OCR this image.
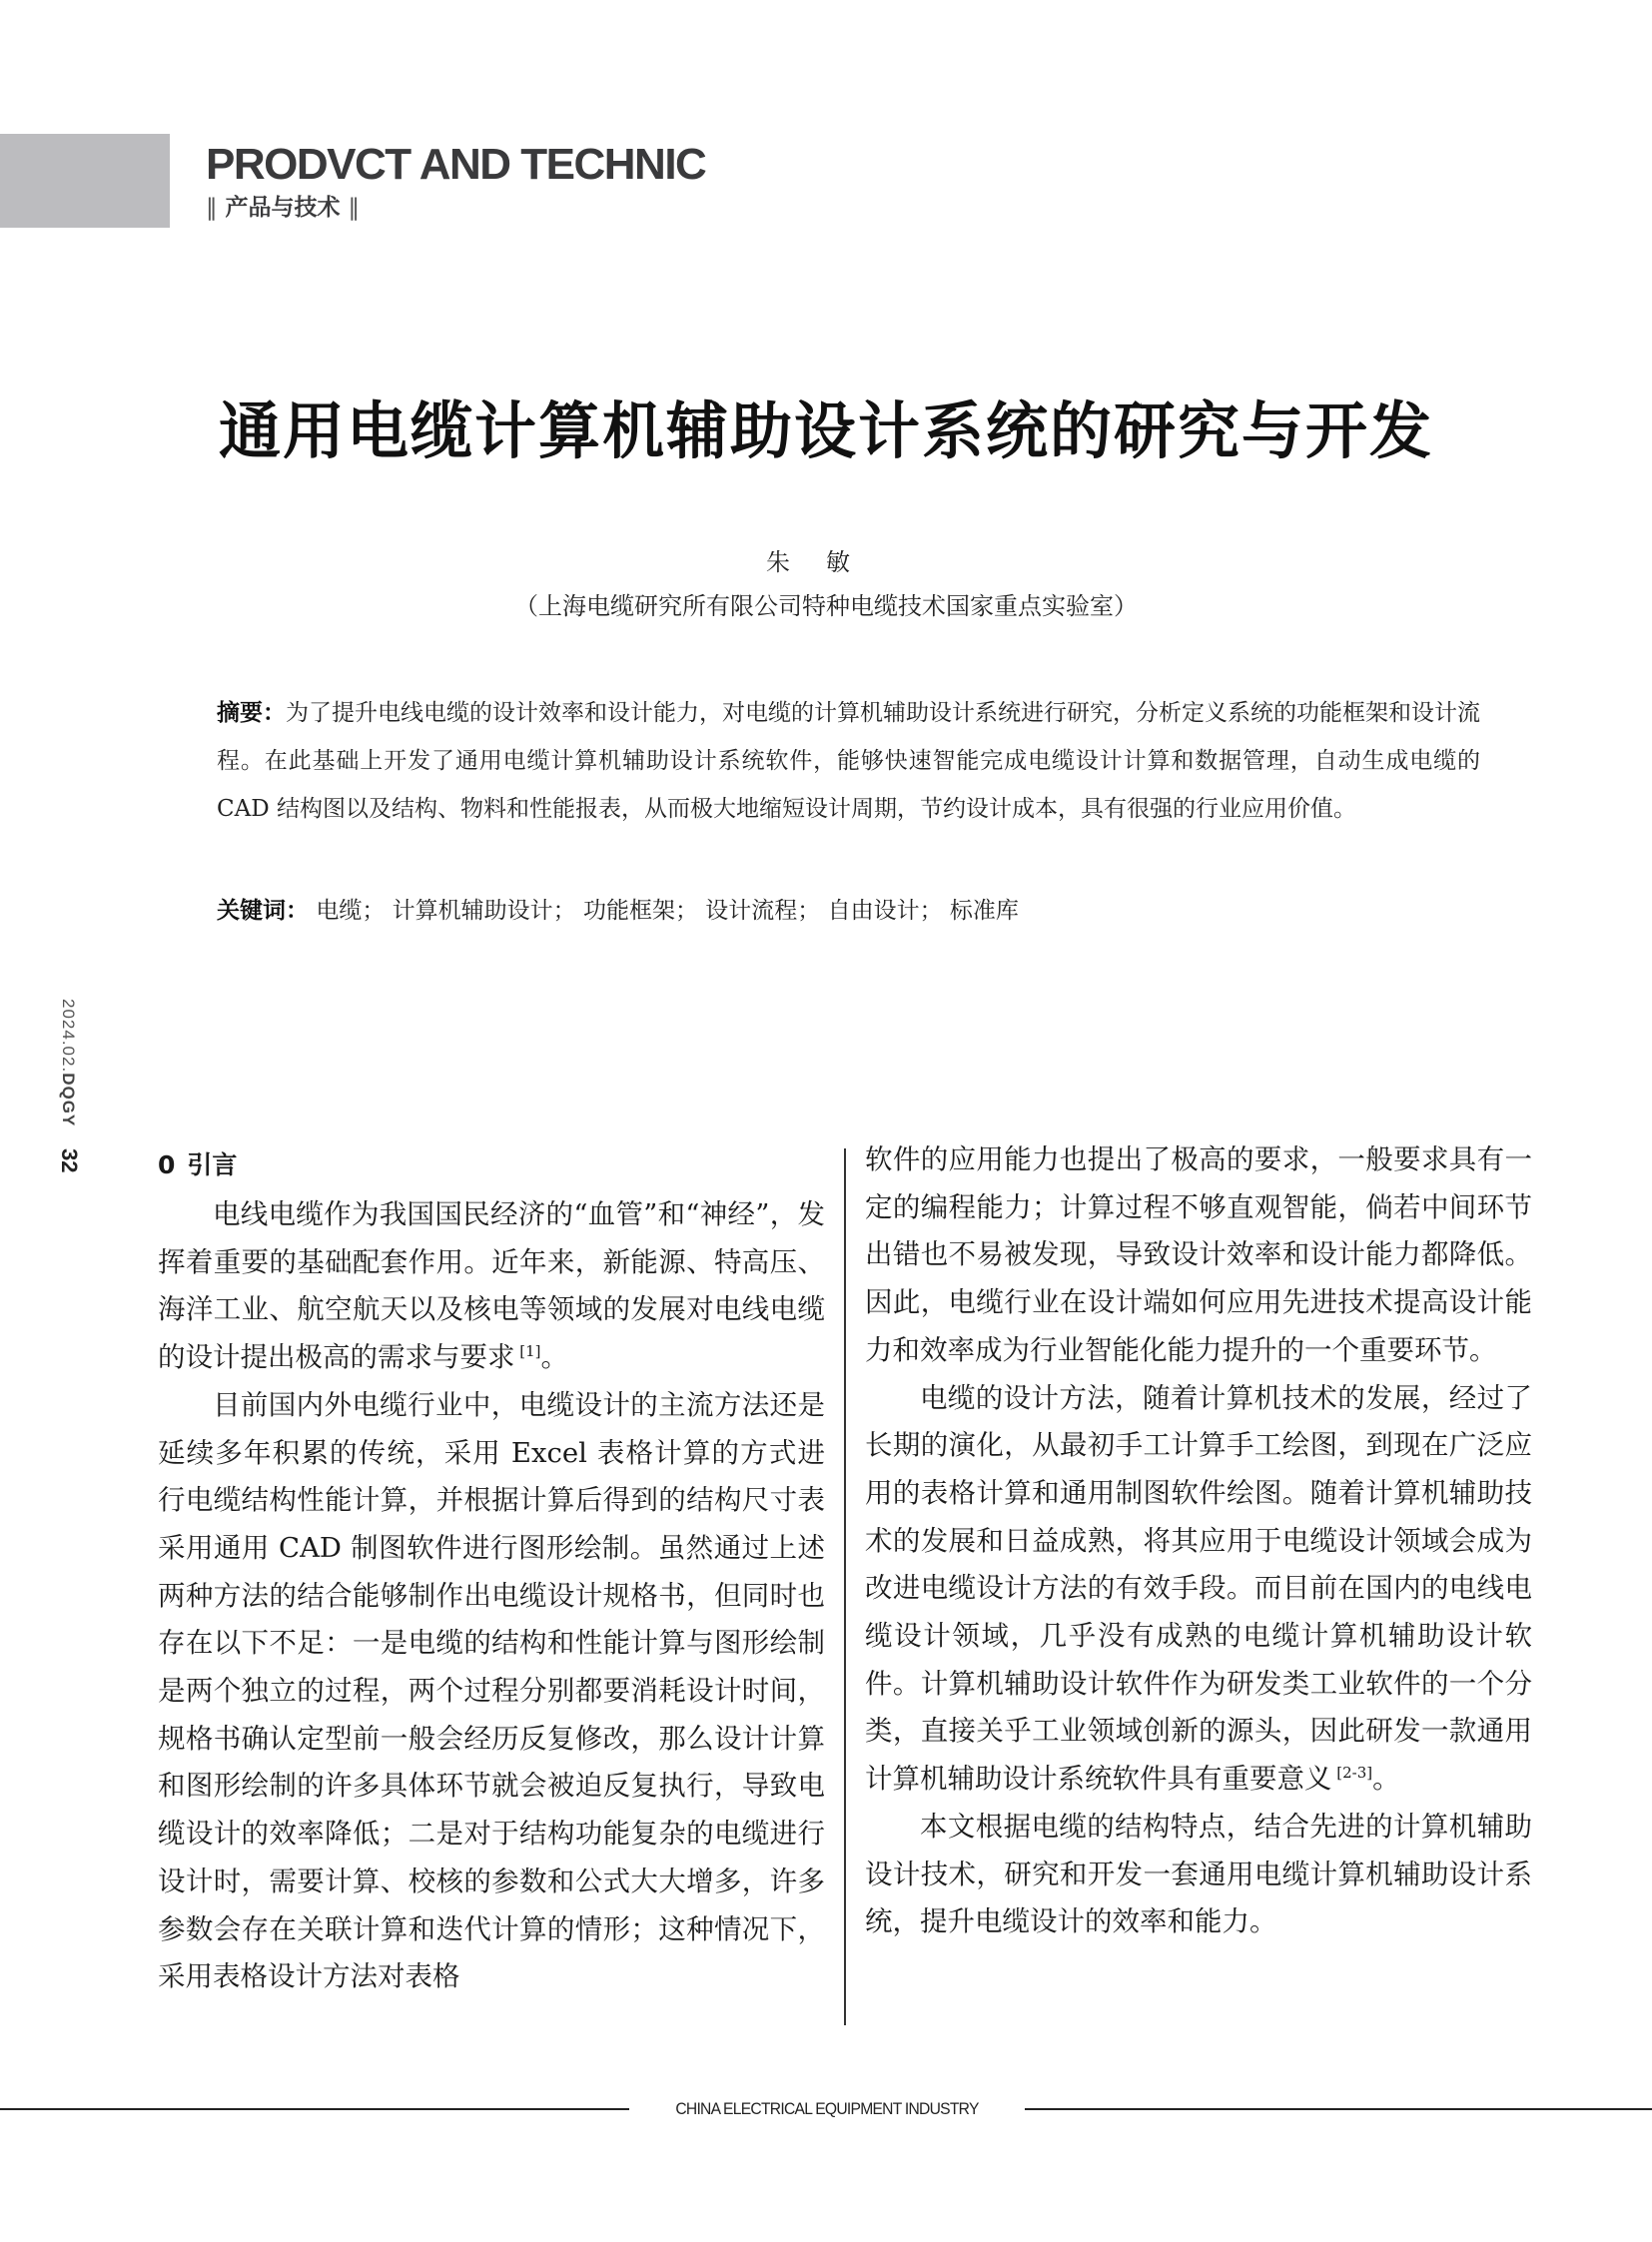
PRODVCT AND TECHNIC
‖ 产品与技术 ‖
通用电缆计算机辅助设计系统的研究与开发
朱敏
（上海电缆研究所有限公司特种电缆技术国家重点实验室）
摘要：为了提升电线电缆的设计效率和设计能力，对电缆的计算机辅助设计系统进行研究，分析定义系统的功能框架和设计流程。在此基础上开发了通用电缆计算机辅助设计系统软件，能够快速智能完成电缆设计计算和数据管理，自动生成电缆的 CAD 结构图以及结构、物料和性能报表，从而极大地缩短设计周期，节约设计成本，具有很强的行业应用价值。
关键词： 电缆； 计算机辅助设计； 功能框架； 设计流程； 自由设计； 标准库
2024.02.DQGY
32	0 引言

电线电缆作为我国国民经济的“血管”和“神经”，发挥着重要的基础配套作用。近年来，新能源、特高压、海洋工业、航空航天以及核电等领域的发展对电线电缆的设计提出极高的需求与要求 [1]。

目前国内外电缆行业中，电缆设计的主流方法还是延续多年积累的传统，采用 Excel 表格计算的方式进行电缆结构性能计算，并根据计算后得到的结构尺寸表采用通用 CAD 制图软件进行图形绘制。虽然通过上述两种方法的结合能够制作出电缆设计规格书，但同时也存在以下不足：一是电缆的结构和性能计算与图形绘制是两个独立的过程，两个过程分别都要消耗设计时间，规格书确认定型前一般会经历反复修改，那么设计计算和图形绘制的许多具体环节就会被迫反复执行，导致电缆设计的效率降低；二是对于结构功能复杂的电缆进行设计时，需要计算、校核的参数和公式大大增多，许多参数会存在关联计算和迭代计算的情形；这种情况下，采用表格设计方法对表格

软件的应用能力也提出了极高的要求，一般要求具有一定的编程能力；计算过程不够直观智能，倘若中间环节出错也不易被发现，导致设计效率和设计能力都降低。因此，电缆行业在设计端如何应用先进技术提高设计能力和效率成为行业智能化能力提升的一个重要环节。

电缆的设计方法，随着计算机技术的发展，经过了长期的演化，从最初手工计算手工绘图，到现在广泛应用的表格计算和通用制图软件绘图。随着计算机辅助技术的发展和日益成熟，将其应用于电缆设计领域会成为改进电缆设计方法的有效手段。而目前在国内的电线电缆设计领域，几乎没有成熟的电缆计算机辅助设计软件。计算机辅助设计软件作为研发类工业软件的一个分类，直接关乎工业领域创新的源头，因此研发一款通用计算机辅助设计系统软件具有重要意义 [2-3]。

本文根据电缆的结构特点，结合先进的计算机辅助设计技术，研究和开发一套通用电缆计算机辅助设计系统，提升电缆设计的效率和能力。

CHINA ELECTRICAL EQUIPMENT INDUSTRY
